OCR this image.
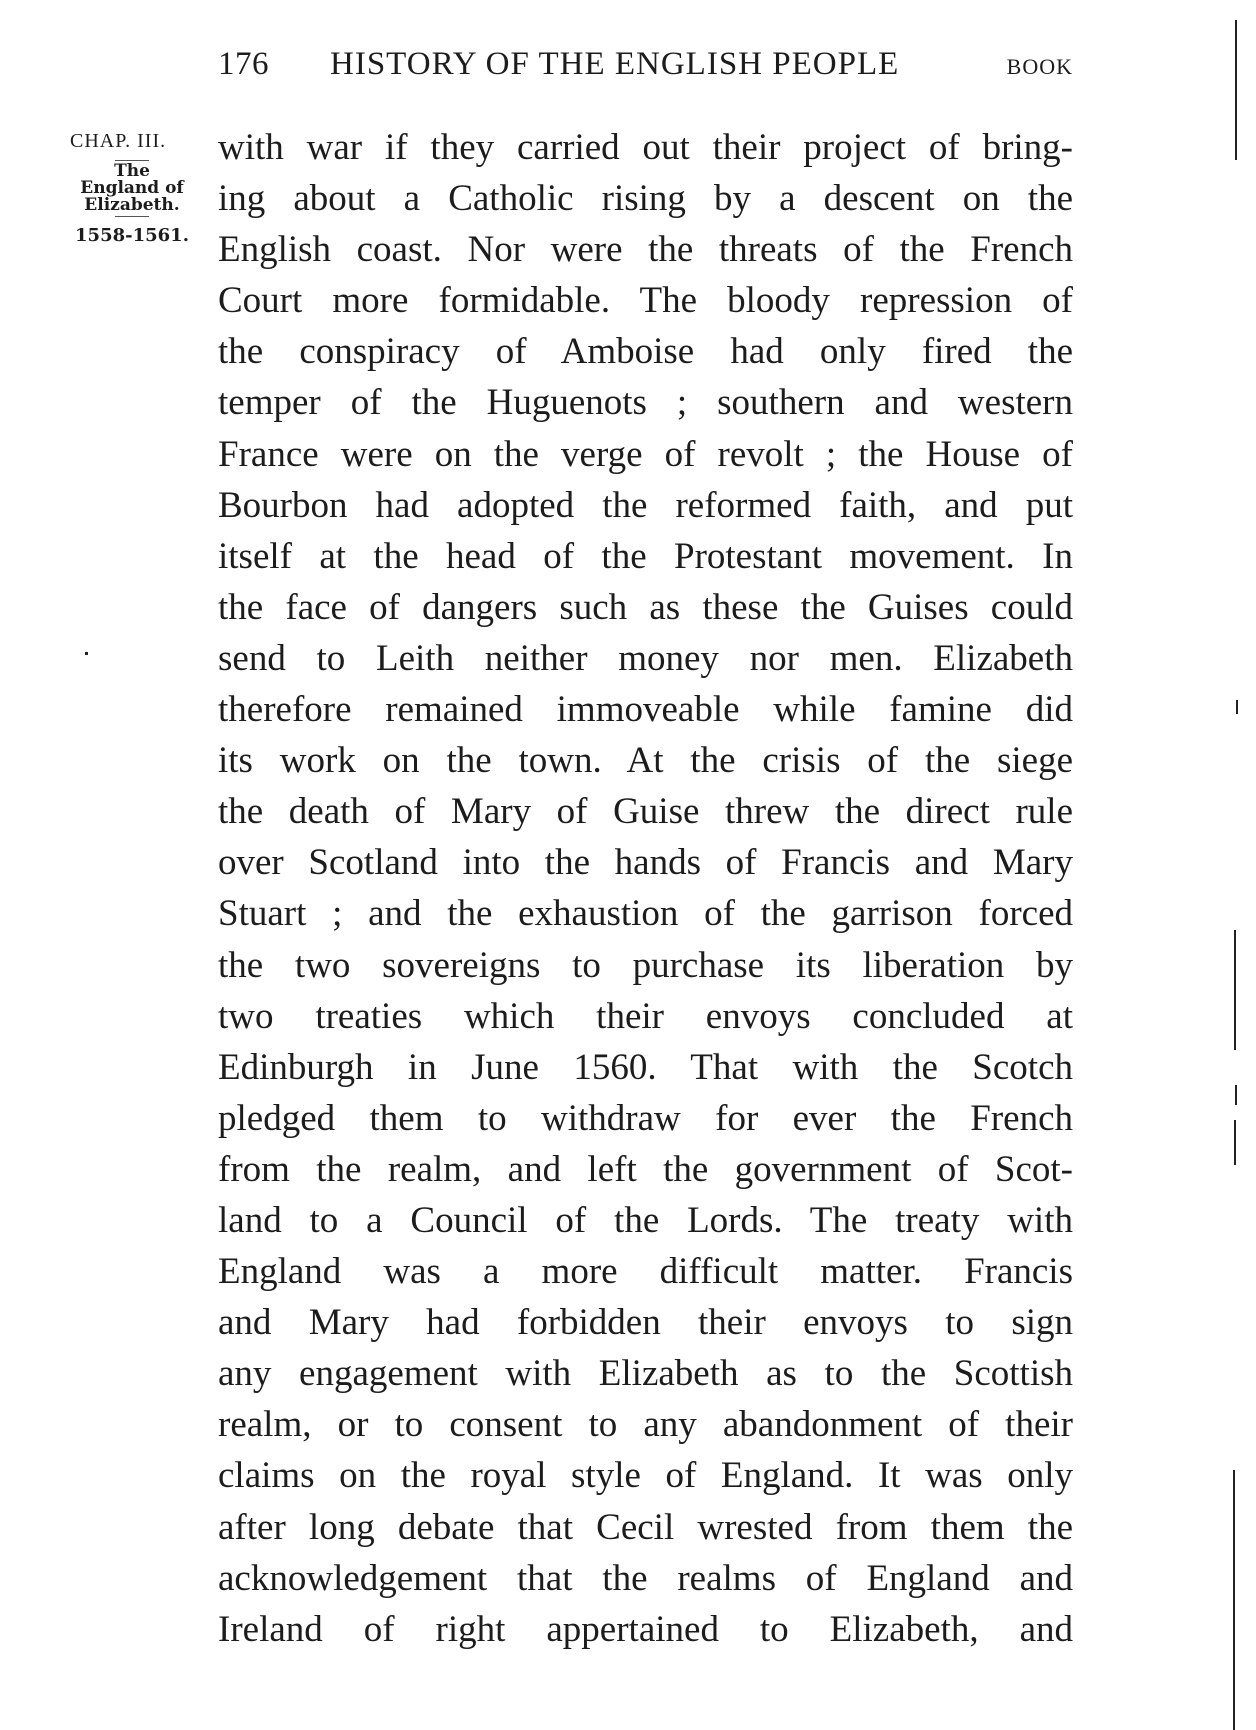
176 HISTORY OF THE ENGLISH PEOPLE	BOOK
CHAP. III.
The
England of
Elizabeth.
1558-1561.
with war if they carried out their project of bring-
ing about a Catholic rising by a descent on the
English coast. Nor were the threats of the French
Court more formidable. The bloody repression of
the conspiracy of Amboise had only fired the
temper of the Huguenots ; southern and western
France were on the verge of revolt ; the House of
Bourbon had adopted the reformed faith, and put
itself at the head of the Protestant movement. In
the face of dangers such as these the Guises could
send to Leith neither money nor men. Elizabeth
therefore remained immoveable while famine did
its work on the town. At the crisis of the siege
the death of Mary of Guise threw the direct rule
over Scotland into the hands of Francis and Mary
Stuart ; and the exhaustion of the garrison forced
the two sovereigns to purchase its liberation by
two treaties which their envoys concluded at
Edinburgh in June 1560. That with the Scotch
pledged them to withdraw for ever the French
from the realm, and left the government of Scot-
land to a Council of the Lords. The treaty with
England was a more difficult matter. Francis
and Mary had forbidden their envoys to sign
any engagement with Elizabeth as to the Scottish
realm, or to consent to any abandonment of their
claims on the royal style of England. It was only
after long debate that Cecil wrested from them the
acknowledgement that the realms of England and
Ireland of right appertained to Elizabeth, and
